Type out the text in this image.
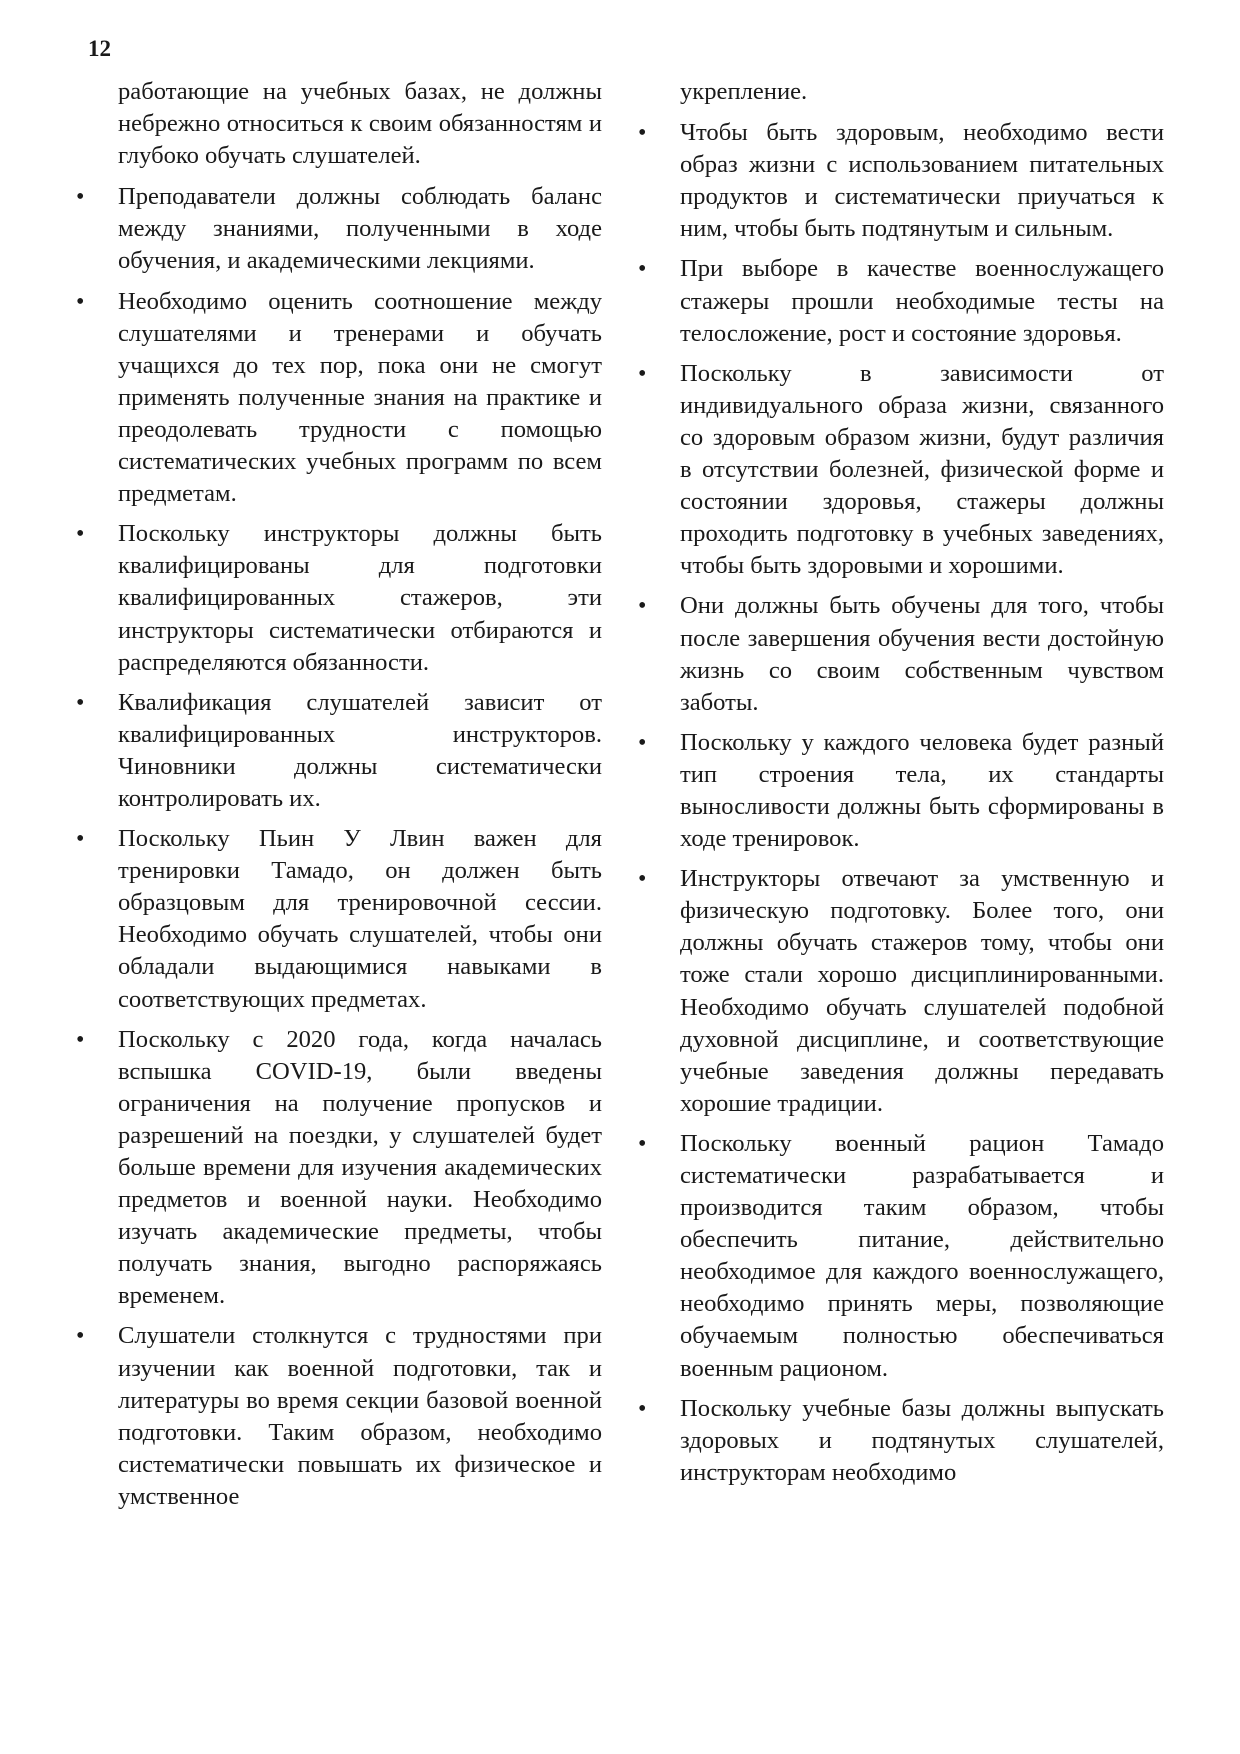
12

работающие на учебных базах, не должны небрежно относиться к своим обязанностям и глубоко обучать слушателей.

• Преподаватели должны соблюдать баланс между знаниями, полученными в ходе обучения, и академическими лекциями.

• Необходимо оценить соотношение между слушателями и тренерами и обучать учащихся до тех пор, пока они не смогут применять полученные знания на практике и преодолевать трудности с помощью систематических учебных программ по всем предметам.

• Поскольку инструкторы должны быть квалифицированы для подготовки квалифицированных стажеров, эти инструкторы систематически отбираются и распределяются обязанности.

• Квалификация слушателей зависит от квалифицированных инструкторов. Чиновники должны систематически контролировать их.

• Поскольку Пьин У Лвин важен для тренировки Тамадо, он должен быть образцовым для тренировочной сессии. Необходимо обучать слушателей, чтобы они обладали выдающимися навыками в соответствующих предметах.

• Поскольку с 2020 года, когда началась вспышка COVID-19, были введены ограничения на получение пропусков и разрешений на поездки, у слушателей будет больше времени для изучения академических предметов и военной науки. Необходимо изучать академические предметы, чтобы получать знания, выгодно распоряжаясь временем.

• Слушатели столкнутся с трудностями при изучении как военной подготовки, так и литературы во время секции базовой военной подготовки. Таким образом, необходимо систематически повышать их физическое и умственное

укрепление.

• Чтобы быть здоровым, необходимо вести образ жизни с использованием питательных продуктов и систематически приучаться к ним, чтобы быть подтянутым и сильным.

• При выборе в качестве военнослужащего стажеры прошли необходимые тесты на телосложение, рост и состояние здоровья.

• Поскольку в зависимости от индивидуального образа жизни, связанного со здоровым образом жизни, будут различия в отсутствии болезней, физической форме и состоянии здоровья, стажеры должны проходить подготовку в учебных заведениях, чтобы быть здоровыми и хорошими.

• Они должны быть обучены для того, чтобы после завершения обучения вести достойную жизнь со своим собственным чувством заботы.

• Поскольку у каждого человека будет разный тип строения тела, их стандарты выносливости должны быть сформированы в ходе тренировок.

• Инструкторы отвечают за умственную и физическую подготовку. Более того, они должны обучать стажеров тому, чтобы они тоже стали хорошо дисциплинированными. Необходимо обучать слушателей подобной духовной дисциплине, и соответствующие учебные заведения должны передавать хорошие традиции.

• Поскольку военный рацион Тамадо систематически разрабатывается и производится таким образом, чтобы обеспечить питание, действительно необходимое для каждого военнослужащего, необходимо принять меры, позволяющие обучаемым полностью обеспечиваться военным рационом.

• Поскольку учебные базы должны выпускать здоровых и подтянутых слушателей, инструкторам необходимо
